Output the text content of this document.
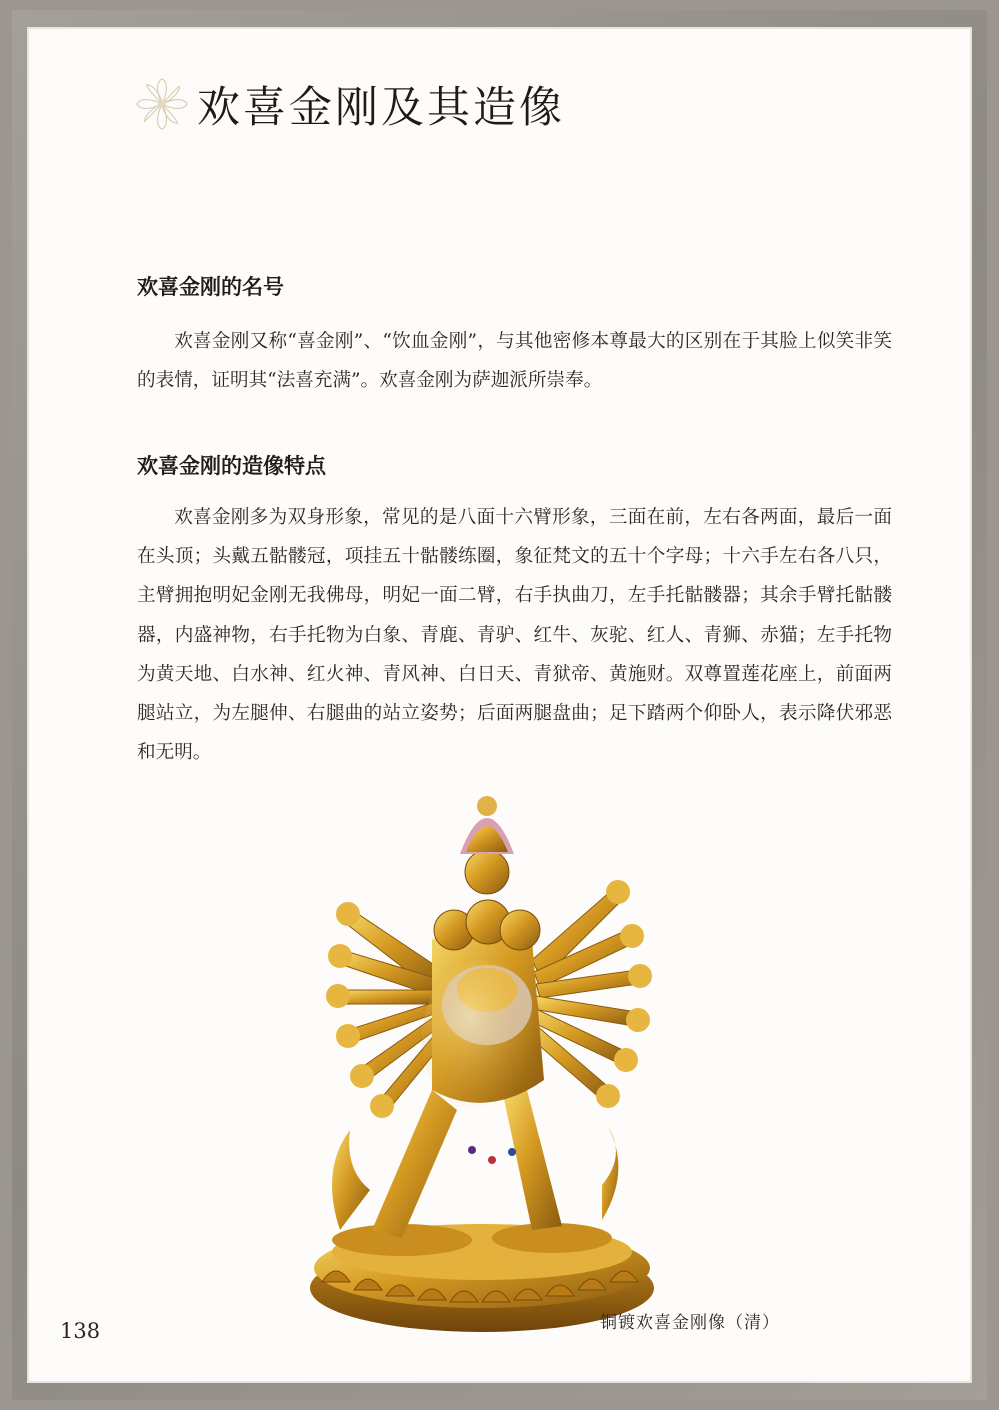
欢喜金刚及其造像
欢喜金刚的名号

欢喜金刚又称“喜金刚”、“饮血金刚”，与其他密修本尊最大的区别在于其脸上似笑非笑的表情，证明其“法喜充满”。欢喜金刚为萨迦派所崇奉。

欢喜金刚的造像特点

欢喜金刚多为双身形象，常见的是八面十六臂形象，三面在前，左右各两面，最后一面在头顶；头戴五骷髅冠，项挂五十骷髅练圈，象征梵文的五十个字母；十六手左右各八只，主臂拥抱明妃金刚无我佛母，明妃一面二臂，右手执曲刀，左手托骷髅器；其余手臂托骷髅器，内盛神物，右手托物为白象、青鹿、青驴、红牛、灰驼、红人、青狮、赤猫；左手托物为黄天地、白水神、红火神、青风神、白日天、青狱帝、黄施财。双尊置莲花座上，前面两腿站立，为左腿伸、右腿曲的站立姿势；后面两腿盘曲；足下踏两个仰卧人，表示降伏邪恶和无明。

铜镀欢喜金刚像（清）
138
